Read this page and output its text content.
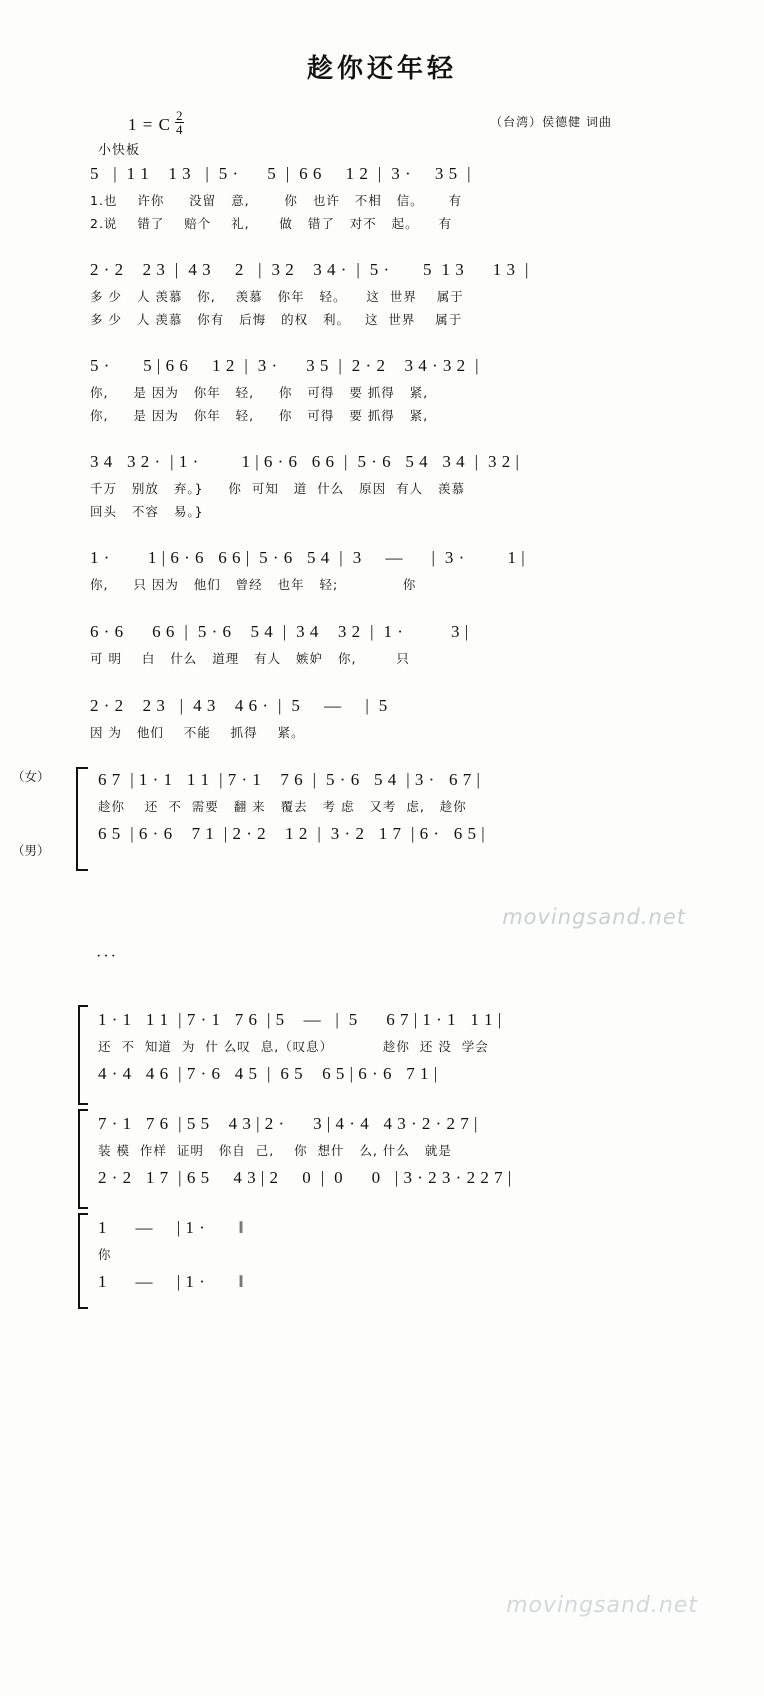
趁你还年轻
1 = C $\frac{2}{4}$	（台湾）侯德健 词曲
小快板
5   |  1 1    1 3   |  5 ·      5  |  6 6     1 2  |  3 ·     3 5  |
1.也    许你     没留   意,       你   也许   不相   信。     有
2.说    错了    赔个    礼,      做   错了   对不   起。    有
2 · 2    2 3  |  4 3     2   |  3 2    3 4 ·  |  5 ·       5  1 3      1 3  |
多 少   人 羡慕   你,    羡慕   你年   轻。    这  世界    属于
多 少   人 羡慕   你有   后悔   的权   利。   这  世界    属于
5 ·       5 | 6 6     1 2  |  3 ·      3 5  |  2 · 2    3 4 · 3 2  |
你,     是 因为   你年   轻,     你   可得   要 抓得   紧,
你,     是 因为   你年   轻,     你   可得   要 抓得   紧,
3 4   3 2 ·  | 1 ·         1 | 6 · 6   6 6  |  5 · 6   5 4   3 4  |  3 2 |
千万   别放   弃。}     你  可知   道  什么   原因  有人   羡慕
回头   不容   易。}
1 ·        1 | 6 · 6   6 6 |  5 · 6   5 4  |  3     —      |  3 ·         1 |
你,     只 因为   他们   曾经   也年   轻;             你
6 · 6      6 6  |  5 · 6    5 4  |  3 4    3 2  |  1 ·          3 |
可 明    白   什么   道理   有人   嫉妒   你,        只
2 · 2    2 3   |  4 3    4 6 ·  |  5     —     |  5
因 为   他们    不能    抓得    紧。
（女）	6 7  | 1 · 1   1 1  | 7 · 1    7 6  |  5 · 6   5 4  | 3 ·   6 7 |
趁你    还  不  需要   翻 来   覆去   考 虑   又考  虑,   趁你
（男）
6 5  | 6 · 6    7 1  | 2 · 2    1 2  |  3 · 2   1 7  | 6 ·   6 5 |
···
1 · 1   1 1  | 7 · 1   7 6  | 5    —   |  5      6 7 | 1 · 1   1 1 |
还  不  知道  为  什 么叹  息,（叹息）          趁你  还 没  学会
4 · 4   4 6  | 7 · 6   4 5  |  6 5    6 5 | 6 · 6   7 1 |
7 · 1   7 6  | 5 5    4 3 | 2 ·      3 | 4 · 4   4 3 · 2 · 2 7 |
装 模  作样  证明   你自  己,    你  想什   么, 什么   就是
2 · 2   1 7  | 6 5     4 3 | 2     0  |  0      0   | 3 · 2 3 · 2 2 7 |
1      —     | 1 ·       ‖
你
1      —     | 1 ·       ‖
movingsand.net
movingsand.net
